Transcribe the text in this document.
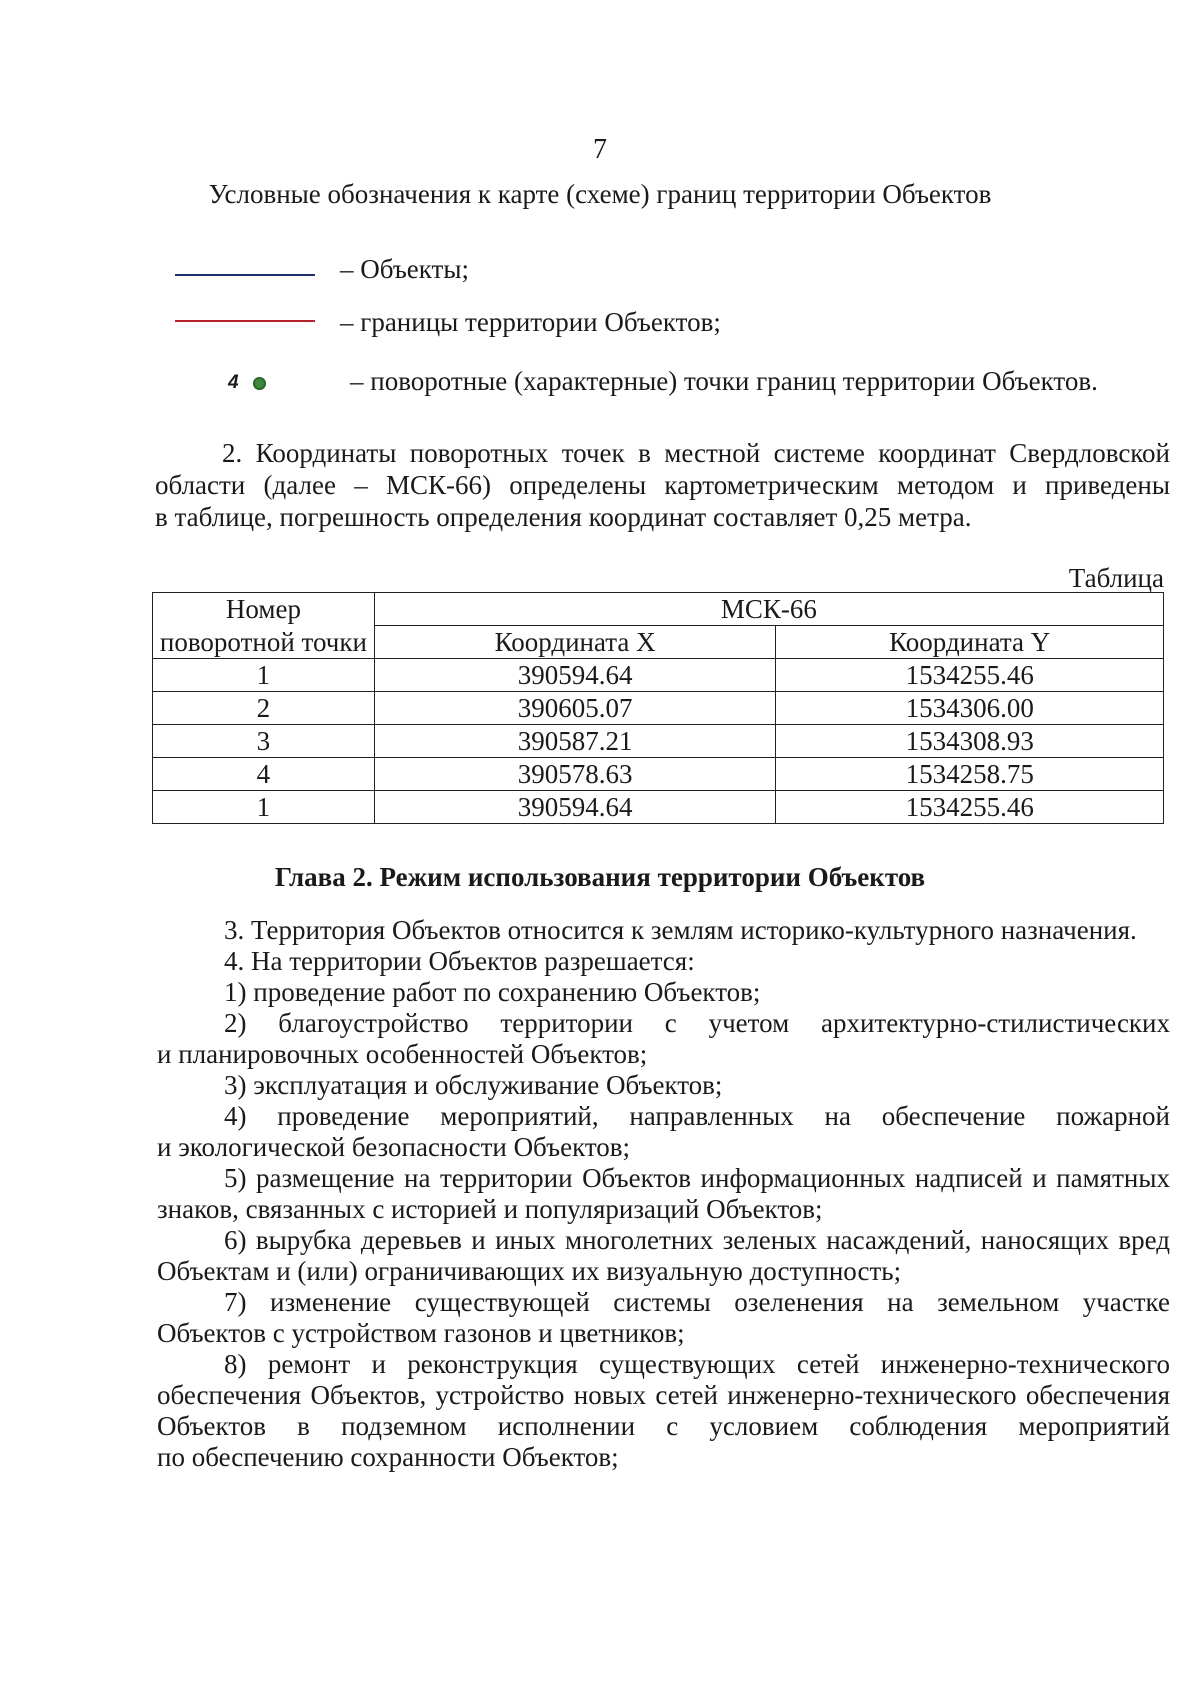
7
Условные обозначения к карте (схеме) границ территории Объектов
– Объекты;
– границы территории Объектов;
4	– поворотные (характерные) точки границ территории Объектов.
2. Координаты поворотных точек в местной системе координат Свердловской
области (далее – МСК-66) определены картометрическим методом и приведены
в таблице, погрешность определения координат составляет 0,25 метра.
Таблица
Номер	МСК-66	
поворотной точки	Координата X	Координата Y
1	390594.64	1534255.46
2	390605.07	1534306.00
3	390587.21	1534308.93
4	390578.63	1534258.75
1	390594.64	1534255.46
Глава 2. Режим использования территории Объектов
3. Территория Объектов относится к землям историко-культурного назначения.
4. На территории Объектов разрешается:
1) проведение работ по сохранению Объектов;
2) благоустройство территории с учетом архитектурно-стилистических
и планировочных особенностей Объектов;
3) эксплуатация и обслуживание Объектов;
4) проведение мероприятий, направленных на обеспечение пожарной
и экологической безопасности Объектов;
5) размещение на территории Объектов информационных надписей и памятных
знаков, связанных с историей и популяризаций Объектов;
6) вырубка деревьев и иных многолетних зеленых насаждений, наносящих вред
Объектам и (или) ограничивающих их визуальную доступность;
7) изменение существующей системы озеленения на земельном участке
Объектов с устройством газонов и цветников;
8) ремонт и реконструкция существующих сетей инженерно-технического
обеспечения Объектов, устройство новых сетей инженерно-технического обеспечения
Объектов в подземном исполнении с условием соблюдения мероприятий
по обеспечению сохранности Объектов;
